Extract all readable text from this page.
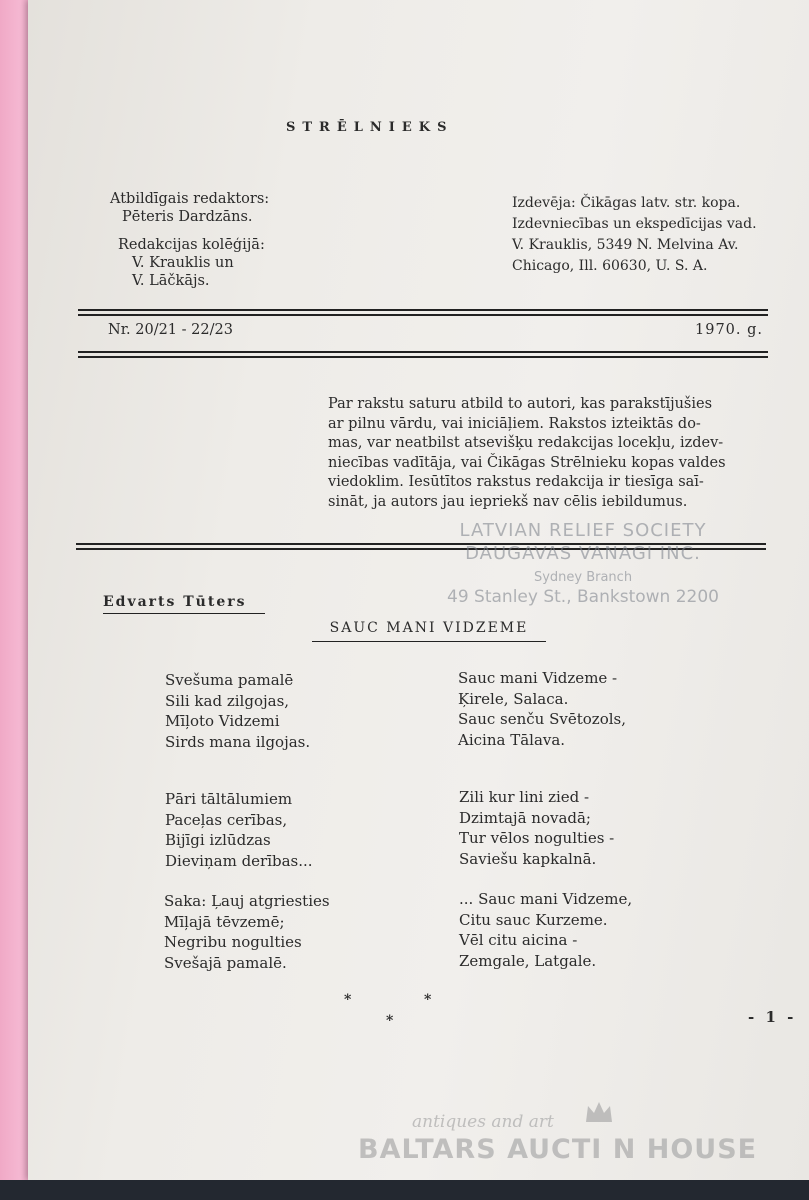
STRĒLNIEKS
Atbildīgais redaktors:
Pēteris Dardzāns.
Redakcijas kolēģijā:
V. Krauklis un
V. Lāčkājs.
Izdevēja: Čikāgas latv. str. kopa.
Izdevniecības un ekspedīcijas vad.
V. Krauklis, 5349 N. Melvina Av.
Chicago, Ill. 60630, U. S. A.
Nr. 20/21 - 22/23	1970. g.
Par rakstu saturu atbild to autori, kas parakstījušies
ar pilnu vārdu, vai iniciāļiem. Rakstos izteiktās do-
mas, var neatbilst atsevišķu redakcijas locekļu, izdev-
niecības vadītāja, vai Čikāgas Strēlnieku kopas valdes
viedoklim. Iesūtītos rakstus redakcija ir tiesīga saī-
sināt, ja autors jau iepriekš nav cēlis iebildumus.
LATVIAN RELIEF SOCIETY
DAUGAVAS VANAGI INC.
Sydney Branch
49 Stanley St., Bankstown 2200
Edvarts Tūters
SAUC MANI VIDZEME
Svešuma pamalē
Sili kad zilgojas,
Mīļoto Vidzemi
Sirds mana ilgojas.
Pāri tāltālumiem
Paceļas cerības,
Bijīgi izlūdzas
Dieviņam derības...
Saka: Ļauj atgriesties
Mīļajā tēvzemē;
Negribu nogulties
Svešajā pamalē.
Sauc mani Vidzeme -
Ķirele, Salaca.
Sauc senču Svētozols,
Aicina Tālava.
Zili kur lini zied -
Dzimtajā novadā;
Tur vēlos nogulties -
Saviešu kapkalnā.
... Sauc mani Vidzeme,
Citu sauc Kurzeme.
Vēl citu aicina -
Zemgale, Latgale.
*	*
*	- 1 -
antiques and art
BALTARS AUCTI N HOUSE
